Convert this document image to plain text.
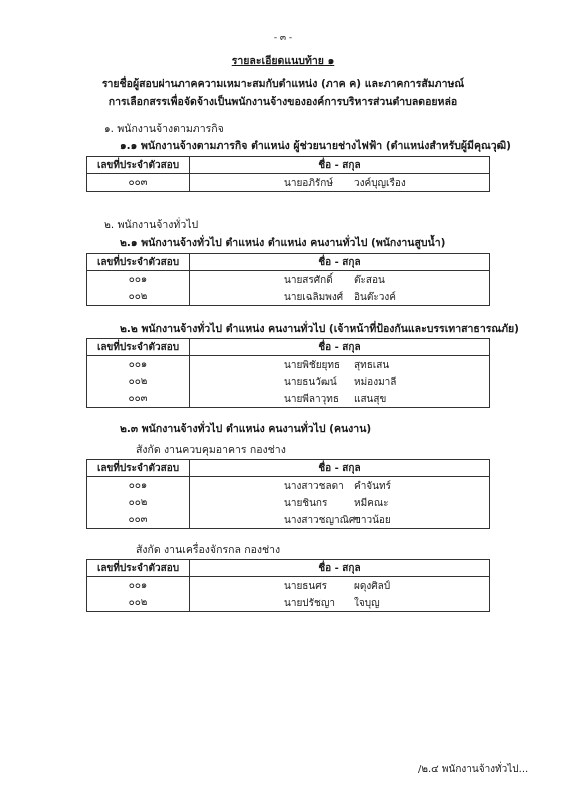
- ๓ -
รายละเอียดแนบท้าย ๑
รายชื่อผู้สอบผ่านภาคความเหมาะสมกับตำแหน่ง (ภาค ค) และภาคการสัมภาษณ์
การเลือกสรรเพื่อจัดจ้างเป็นพนักงานจ้างขององค์การบริหารส่วนตำบลดอยหล่อ
๑. พนักงานจ้างตามภารกิจ
๑.๑ พนักงานจ้างตามภารกิจ ตำแหน่ง ผู้ช่วยนายช่างไฟฟ้า (ตำแหน่งสำหรับผู้มีคุณวุฒิ)
เลขที่ประจำตัวสอบ	ชื่อ - สกุล
๐๐๓	นายอภิรักษ์ วงค์บุญเรือง
๒. พนักงานจ้างทั่วไป
๒.๑ พนักงานจ้างทั่วไป ตำแหน่ง ตำแหน่ง คนงานทั่วไป (พนักงานสูบน้ำ)
เลขที่ประจำตัวสอบ	ชื่อ - สกุล
๐๐๑	นายสรศักดิ์ ต๊ะสอน

๐๐๒	นายเฉลิมพงศ์ อินต๊ะวงค์
๒.๒ พนักงานจ้างทั่วไป ตำแหน่ง คนงานทั่วไป (เจ้าหน้าที่ป้องกันและบรรเทาสาธารณภัย)
เลขที่ประจำตัวสอบ	ชื่อ - สกุล
๐๐๑	นายพิชัยยุทธ สุทธเสน

๐๐๒	นายธนวัฒน์ หม่องมาลี

๐๐๓	นายพีลาวุทธ แสนสุข
๒.๓ พนักงานจ้างทั่วไป ตำแหน่ง คนงานทั่วไป (คนงาน)
สังกัด งานควบคุมอาคาร กองช่าง
เลขที่ประจำตัวสอบ	ชื่อ - สกุล
๐๐๑	นางสาวชลดา คำจันทร์

๐๐๒	นายชินกร หมีคณะ

๐๐๓	นางสาวชญาณิศา
ขาวน้อย
สังกัด งานเครื่องจักรกล กองช่าง
เลขที่ประจำตัวสอบ	ชื่อ - สกุล
๐๐๑	นายธนศร ผดุงศิลป์

๐๐๒	นายปรัชญา ใจบุญ
/๒.๔ พนักงานจ้างทั่วไป...
